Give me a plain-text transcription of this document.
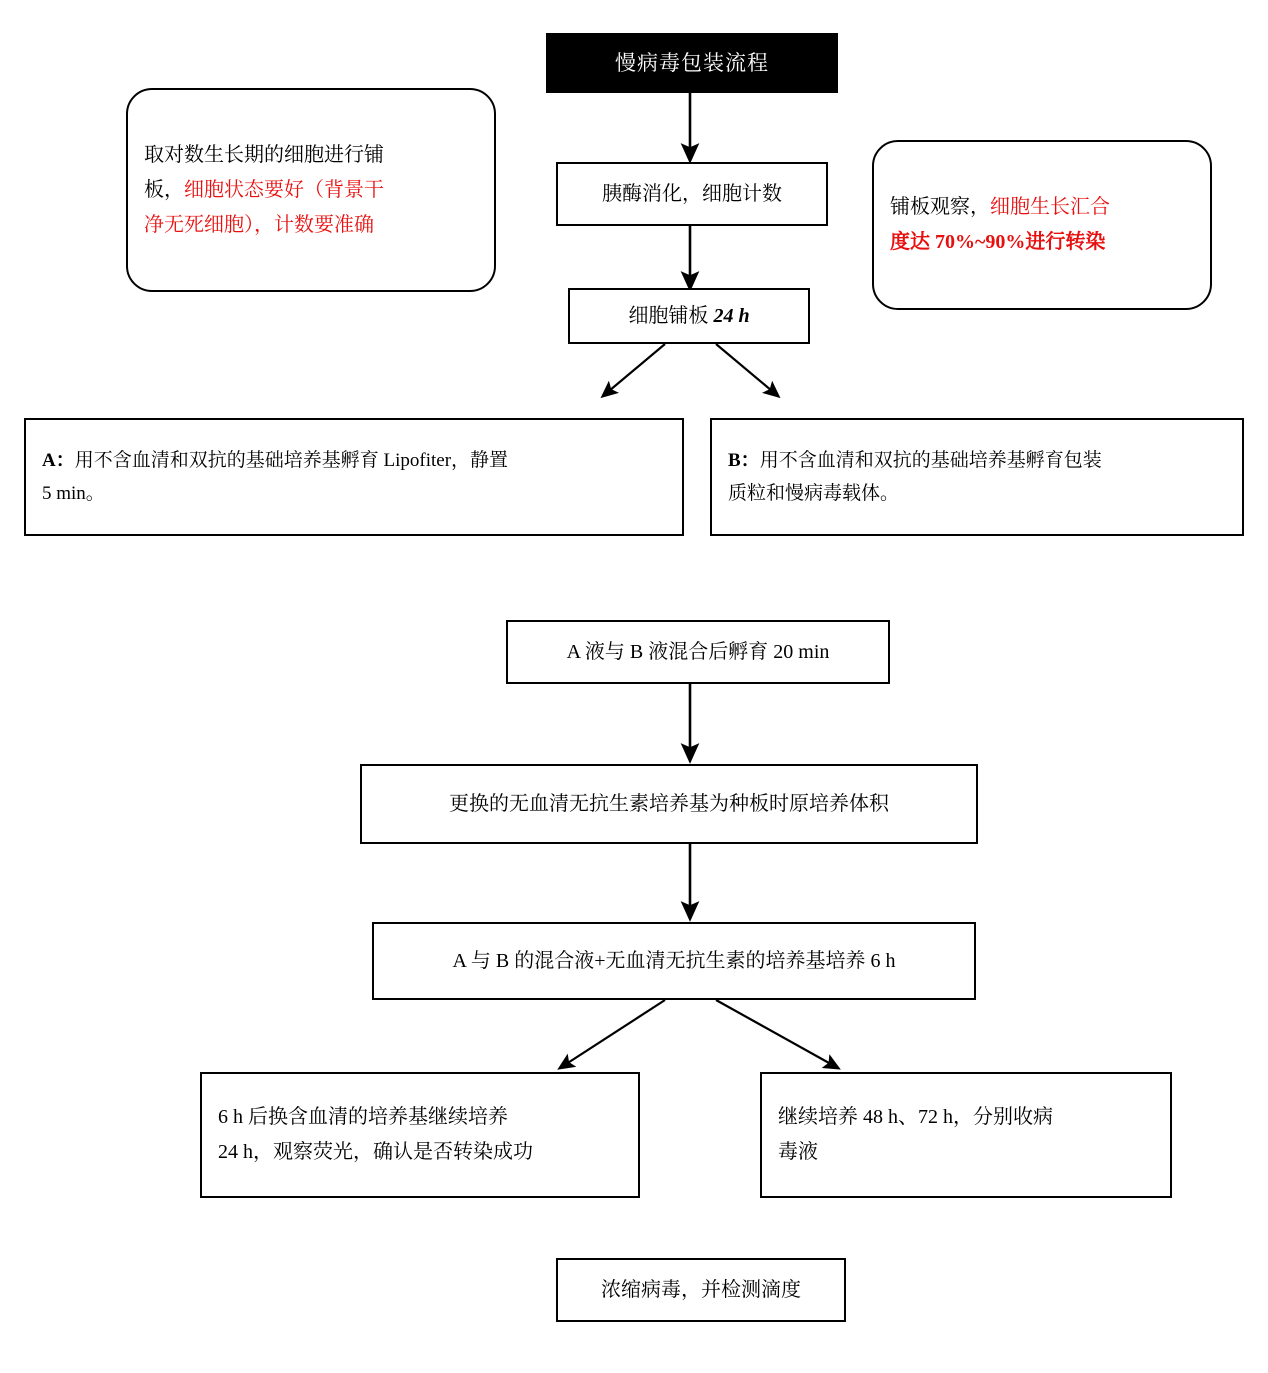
慢病毒包装流程
取对数生长期的细胞进行铺
板，细胞状态要好（背景干
净无死细胞），计数要准确
胰酶消化，细胞计数
细胞铺板 24 h
铺板观察，细胞生长汇合
度达 70%~90%进行转染
A：用不含血清和双抗的基础培养基孵育 Lipofiter，静置
5 min。
B：用不含血清和双抗的基础培养基孵育包装
质粒和慢病毒载体。
A 液与 B 液混合后孵育 20 min
更换的无血清无抗生素培养基为种板时原培养体积
A 与 B 的混合液+无血清无抗生素的培养基培养 6 h
6 h 后换含血清的培养基继续培养
24 h，观察荧光，确认是否转染成功
继续培养 48 h、72 h，分别收病
毒液
浓缩病毒，并检测滴度
